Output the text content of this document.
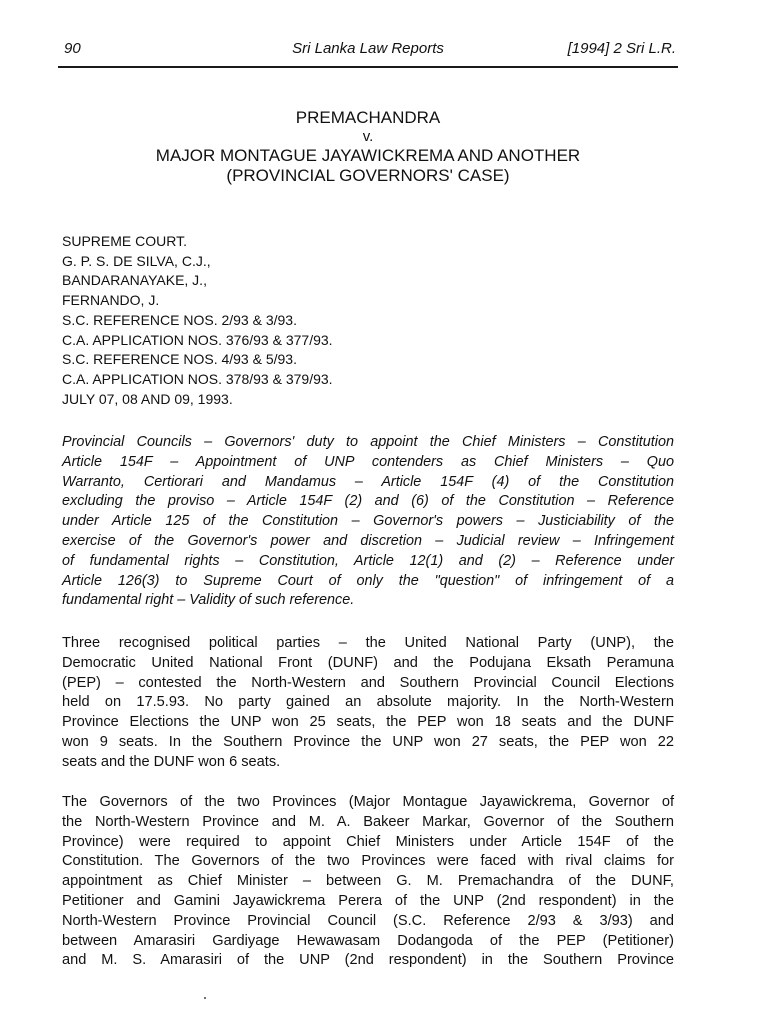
90	Sri Lanka Law Reports	[1994] 2 Sri L.R.
PREMACHANDRA
v.
MAJOR MONTAGUE JAYAWICKREMA AND ANOTHER
(PROVINCIAL GOVERNORS' CASE)
SUPREME COURT.
G. P. S. DE SILVA, C.J.,
BANDARANAYAKE, J.,
FERNANDO, J.
S.C. REFERENCE NOS. 2/93 & 3/93.
C.A. APPLICATION NOS. 376/93 & 377/93.
S.C. REFERENCE NOS. 4/93 & 5/93.
C.A. APPLICATION NOS. 378/93 & 379/93.
JULY 07, 08 AND 09, 1993.
Provincial Councils – Governors' duty to appoint the Chief Ministers – Constitution
Article 154F – Appointment of UNP contenders as Chief Ministers – Quo
Warranto, Certiorari and Mandamus – Article 154F (4) of the Constitution
excluding the proviso – Article 154F (2) and (6) of the Constitution – Reference
under Article 125 of the Constitution – Governor's powers – Justiciability of the
exercise of the Governor's power and discretion – Judicial review – Infringement
of fundamental rights – Constitution, Article 12(1) and (2) – Reference under
Article 126(3) to Supreme Court of only the "question" of infringement of a
fundamental right – Validity of such reference.
Three recognised political parties – the United National Party (UNP), the
Democratic United National Front (DUNF) and the Podujana Eksath Peramuna
(PEP) – contested the North-Western and Southern Provincial Council Elections
held on 17.5.93. No party gained an absolute majority. In the North-Western
Province Elections the UNP won 25 seats, the PEP won 18 seats and the DUNF
won 9 seats. In the Southern Province the UNP won 27 seats, the PEP won 22
seats and the DUNF won 6 seats.
The Governors of the two Provinces (Major Montague Jayawickrema, Governor of
the North-Western Province and M. A. Bakeer Markar, Governor of the Southern
Province) were required to appoint Chief Ministers under Article 154F of the
Constitution. The Governors of the two Provinces were faced with rival claims for
appointment as Chief Minister – between G. M. Premachandra of the DUNF,
Petitioner and Gamini Jayawickrema Perera of the UNP (2nd respondent) in the
North-Western Province Provincial Council (S.C. Reference 2/93 & 3/93) and
between Amarasiri Gardiyage Hewawasam Dodangoda of the PEP (Petitioner)
and M. S. Amarasiri of the UNP (2nd respondent) in the Southern Province
